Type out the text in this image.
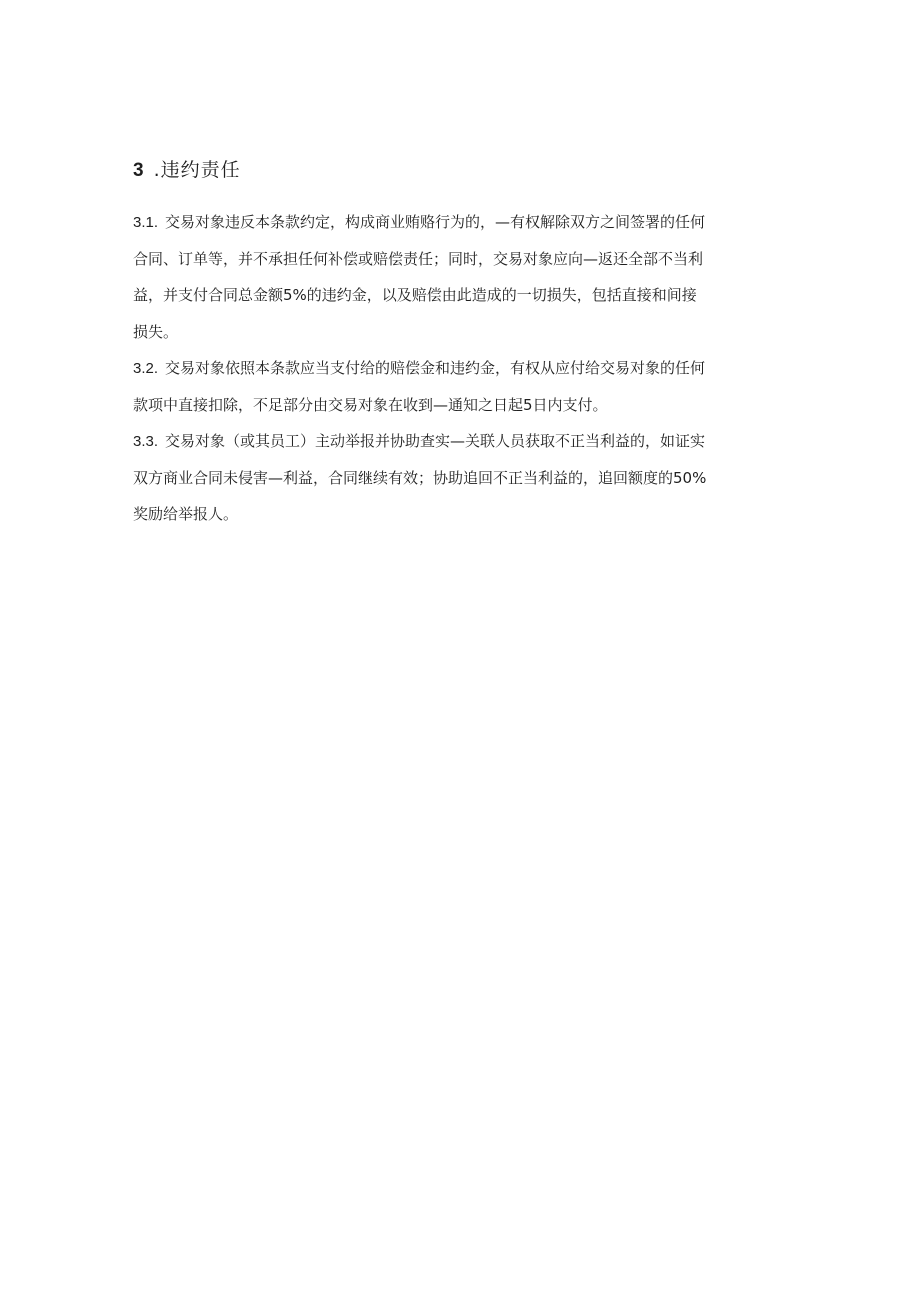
3 .违约责任
3.1. 交易对象违反本条款约定，构成商业贿赂行为的，—有权解除双方之间签署的任何
合同、订单等，并不承担任何补偿或赔偿责任；同时，交易对象应向—返还全部不当利
益，并支付合同总金额5%的违约金，以及赔偿由此造成的一切损失，包括直接和间接
损失。
3.2. 交易对象依照本条款应当支付给的赔偿金和违约金，有权从应付给交易对象的任何
款项中直接扣除，不足部分由交易对象在收到—通知之日起5日内支付。
3.3. 交易对象（或其员工）主动举报并协助查实—关联人员获取不正当利益的，如证实
双方商业合同未侵害—利益，合同继续有效；协助追回不正当利益的，追回额度的50%
奖励给举报人。
